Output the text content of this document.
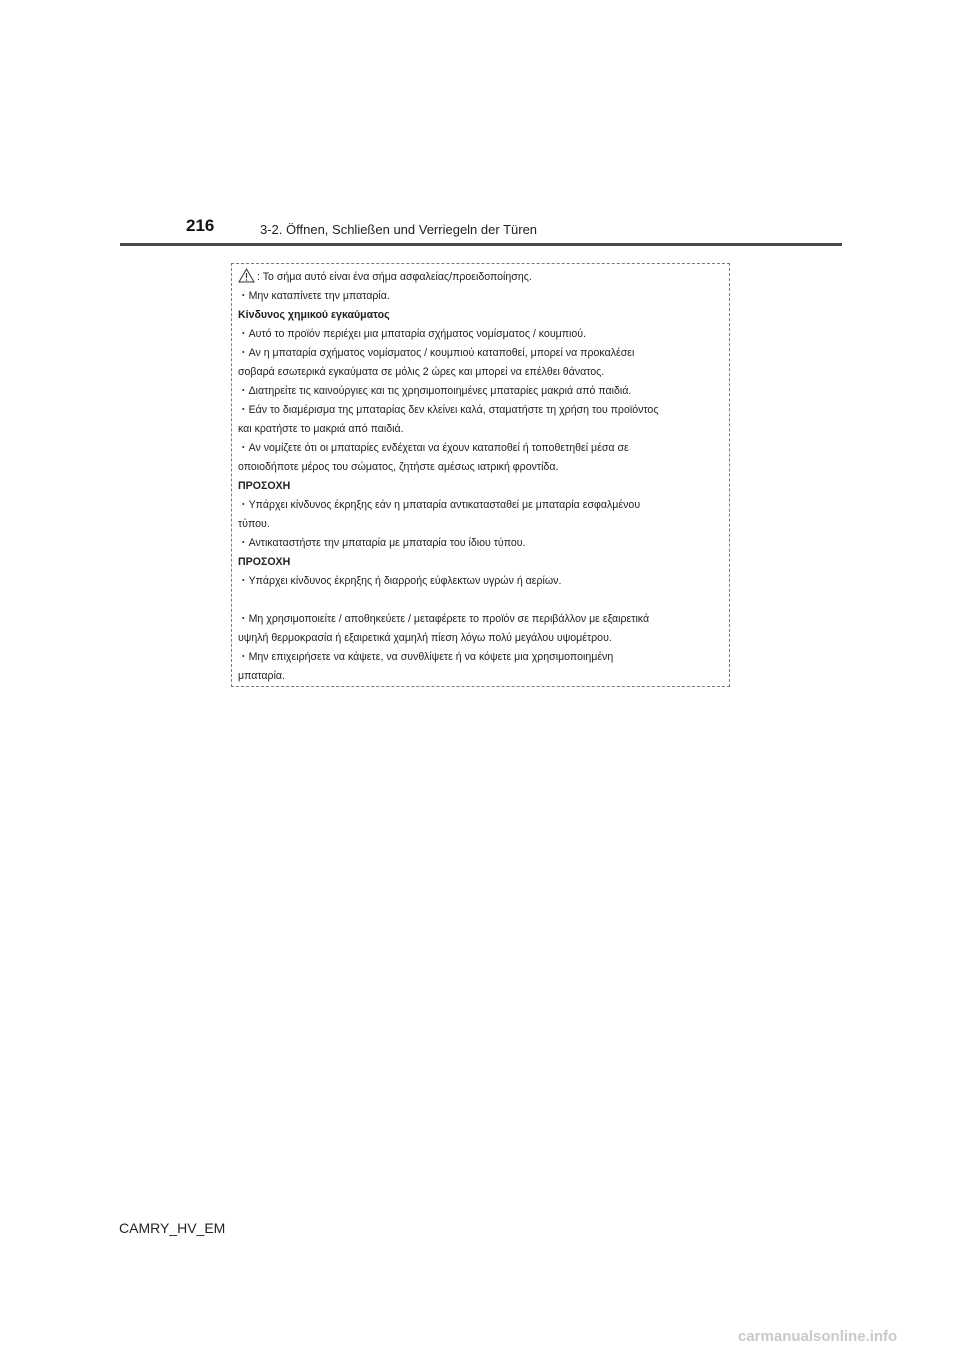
216	3-2. Öffnen, Schließen und Verriegeln der Türen
: Το σήμα αυτό είναι ένα σήμα ασφαλείας/προειδοποίησης.
・Μην καταπίνετε την μπαταρία.
Κίνδυνος χημικού εγκαύματος
・Αυτό το προϊόν περιέχει μια μπαταρία σχήματος νομίσματος / κουμπιού.
・Αν η μπαταρία σχήματος νομίσματος / κουμπιού καταποθεί, μπορεί να προκαλέσει
σοβαρά εσωτερικά εγκαύματα σε μόλις 2 ώρες και μπορεί να επέλθει θάνατος.
・Διατηρείτε τις καινούργιες και τις χρησιμοποιημένες μπαταρίες μακριά από παιδιά.
・Εάν το διαμέρισμα της μπαταρίας δεν κλείνει καλά, σταματήστε τη χρήση του προϊόντος
και κρατήστε το μακριά από παιδιά.
・Αν νομίζετε ότι οι μπαταρίες ενδέχεται να έχουν καταποθεί ή τοποθετηθεί μέσα σε
οποιοδήποτε μέρος του σώματος, ζητήστε αμέσως ιατρική φροντίδα.
ΠΡΟΣΟΧΗ
・Υπάρχει κίνδυνος έκρηξης εάν η μπαταρία αντικατασταθεί με μπαταρία εσφαλμένου
τύπου.
・Αντικαταστήστε την μπαταρία με μπαταρία του ίδιου τύπου.
ΠΡΟΣΟΧΗ
・Υπάρχει κίνδυνος έκρηξης ή διαρροής εύφλεκτων υγρών ή αερίων.
・Μη χρησιμοποιείτε / αποθηκεύετε / μεταφέρετε το προϊόν σε περιβάλλον με εξαιρετικά
υψηλή θερμοκρασία ή εξαιρετικά χαμηλή πίεση λόγω πολύ μεγάλου υψομέτρου.
・Μην επιχειρήσετε να κάψετε, να συνθλίψετε ή να κόψετε μια χρησιμοποιημένη
μπαταρία.
CAMRY_HV_EM
carmanualsonline.info
